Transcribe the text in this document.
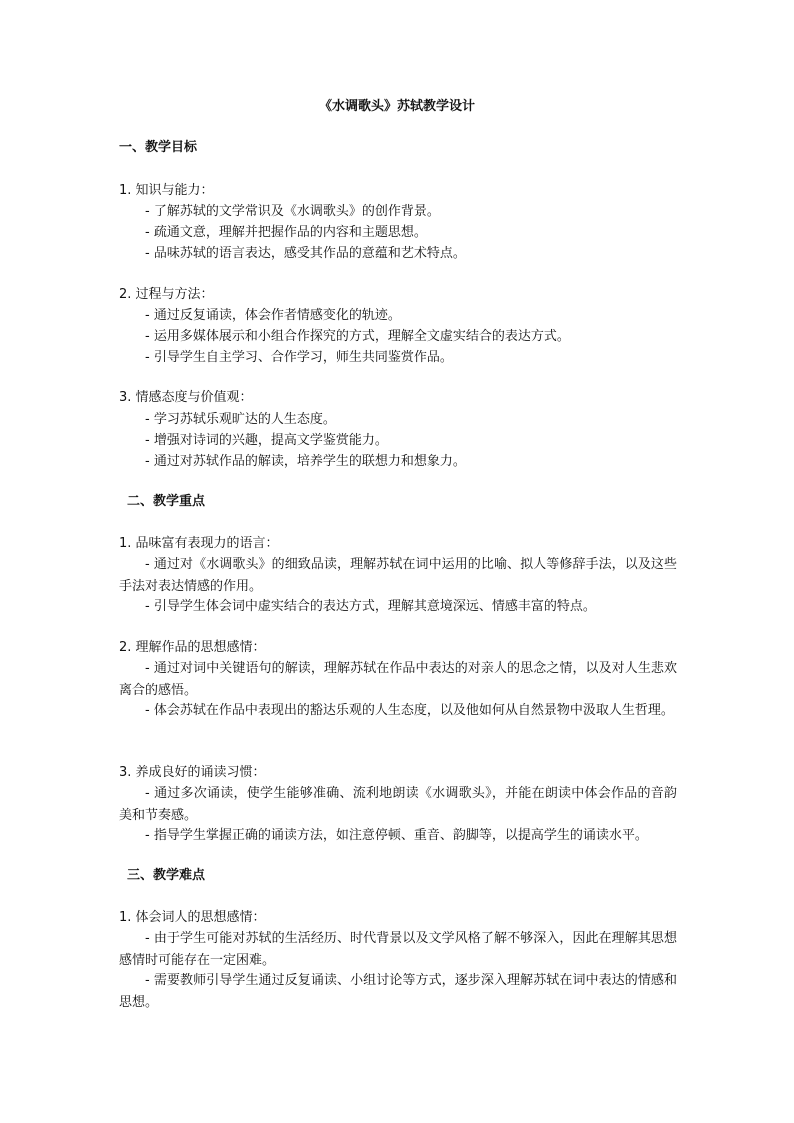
《水调歌头》苏轼教学设计
一、教学目标
1. 知识与能力：
- 了解苏轼的文学常识及《水调歌头》的创作背景。
- 疏通文意，理解并把握作品的内容和主题思想。
- 品味苏轼的语言表达，感受其作品的意蕴和艺术特点。
2. 过程与方法：
- 通过反复诵读，体会作者情感变化的轨迹。
- 运用多媒体展示和小组合作探究的方式，理解全文虚实结合的表达方式。
- 引导学生自主学习、合作学习，师生共同鉴赏作品。
3. 情感态度与价值观：
- 学习苏轼乐观旷达的人生态度。
- 增强对诗词的兴趣，提高文学鉴赏能力。
- 通过对苏轼作品的解读，培养学生的联想力和想象力。
二、教学重点
1. 品味富有表现力的语言：
- 通过对《水调歌头》的细致品读，理解苏轼在词中运用的比喻、拟人等修辞手法，以及这些手法对表达情感的作用。
- 引导学生体会词中虚实结合的表达方式，理解其意境深远、情感丰富的特点。
2. 理解作品的思想感情：
- 通过对词中关键语句的解读，理解苏轼在作品中表达的对亲人的思念之情，以及对人生悲欢离合的感悟。
- 体会苏轼在作品中表现出的豁达乐观的人生态度，以及他如何从自然景物中汲取人生哲理。
3. 养成良好的诵读习惯：
- 通过多次诵读，使学生能够准确、流利地朗读《水调歌头》，并能在朗读中体会作品的音韵美和节奏感。
- 指导学生掌握正确的诵读方法，如注意停顿、重音、韵脚等，以提高学生的诵读水平。
三、教学难点
1. 体会词人的思想感情：
- 由于学生可能对苏轼的生活经历、时代背景以及文学风格了解不够深入，因此在理解其思想感情时可能存在一定困难。
- 需要教师引导学生通过反复诵读、小组讨论等方式，逐步深入理解苏轼在词中表达的情感和思想。
